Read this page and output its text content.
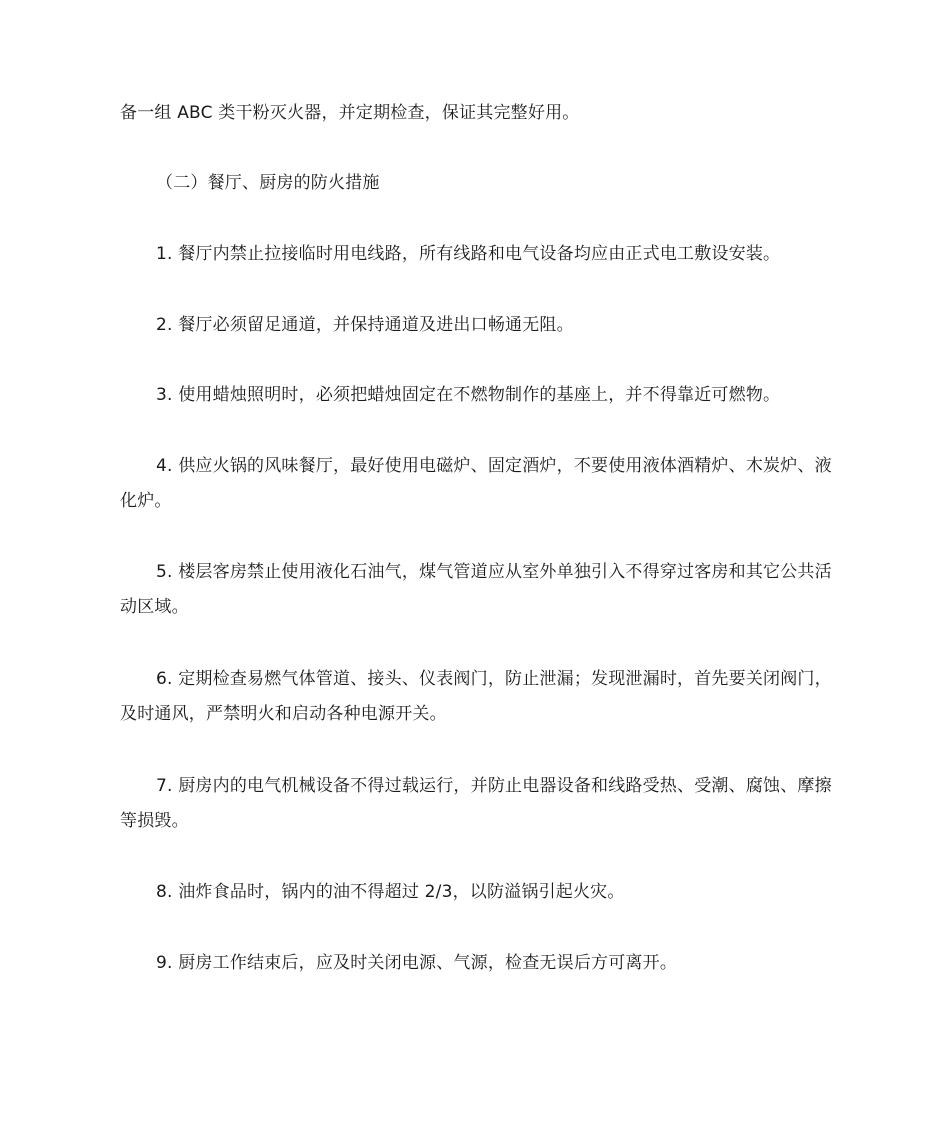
备一组 ABC 类干粉灭火器，并定期检查，保证其完整好用。

（二）餐厅、厨房的防火措施

1. 餐厅内禁止拉接临时用电线路，所有线路和电气设备均应由正式电工敷设安装。

2. 餐厅必须留足通道，并保持通道及进出口畅通无阻。

3. 使用蜡烛照明时，必须把蜡烛固定在不燃物制作的基座上，并不得靠近可燃物。

4. 供应火锅的风味餐厅，最好使用电磁炉、固定酒炉，不要使用液体酒精炉、木炭炉、液化炉。

5. 楼层客房禁止使用液化石油气，煤气管道应从室外单独引入不得穿过客房和其它公共活动区域。

6. 定期检查易燃气体管道、接头、仪表阀门，防止泄漏；发现泄漏时，首先要关闭阀门，及时通风，严禁明火和启动各种电源开关。

7. 厨房内的电气机械设备不得过载运行，并防止电器设备和线路受热、受潮、腐蚀、摩擦等损毁。

8. 油炸食品时，锅内的油不得超过 2/3，以防溢锅引起火灾。

9. 厨房工作结束后，应及时关闭电源、气源，检查无误后方可离开。
